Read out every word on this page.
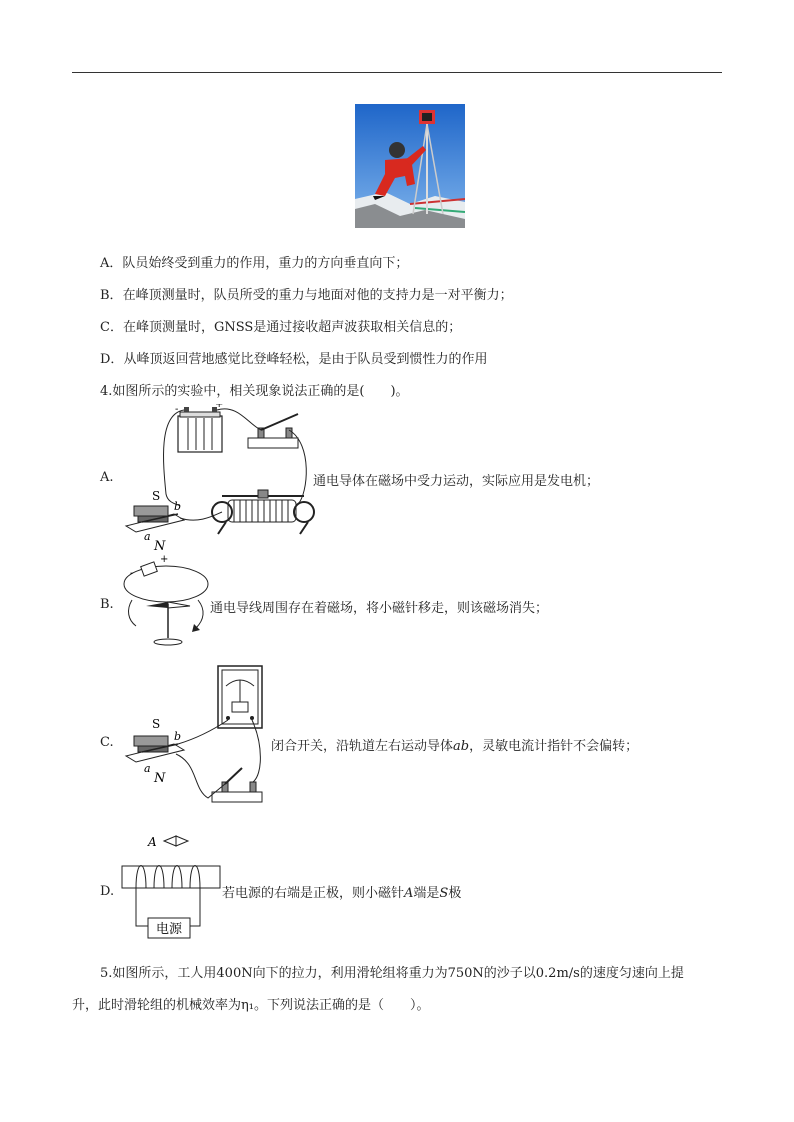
A．队员始终受到重力的作用，重力的方向垂直向下；
B．在峰顶测量时，队员所受的重力与地面对他的支持力是一对平衡力；
C．在峰顶测量时，GNSS是通过接收超声波获取相关信息的；
D．从峰顶返回营地感觉比登峰轻松，是由于队员受到惯性力的作用
4.如图所示的实验中，相关现象说法正确的是(　　)。
A.
-	+
S
b
a
N
通电导体在磁场中受力运动，实际应用是发电机；
B.
-
+
通电导线周围存在着磁场，将小磁针移走，则该磁场消失；
C.
S
b
a
N
闭合开关，沿轨道左右运动导体ab，灵敏电流计指针不会偏转；
D.
A
电源
若电源的右端是正极，则小磁针A端是S极
5.如图所示，工人用400N向下的拉力，利用滑轮组将重力为750N的沙子以0.2m/s的速度匀速向上提
升，此时滑轮组的机械效率为η₁。下列说法正确的是（　　）。
